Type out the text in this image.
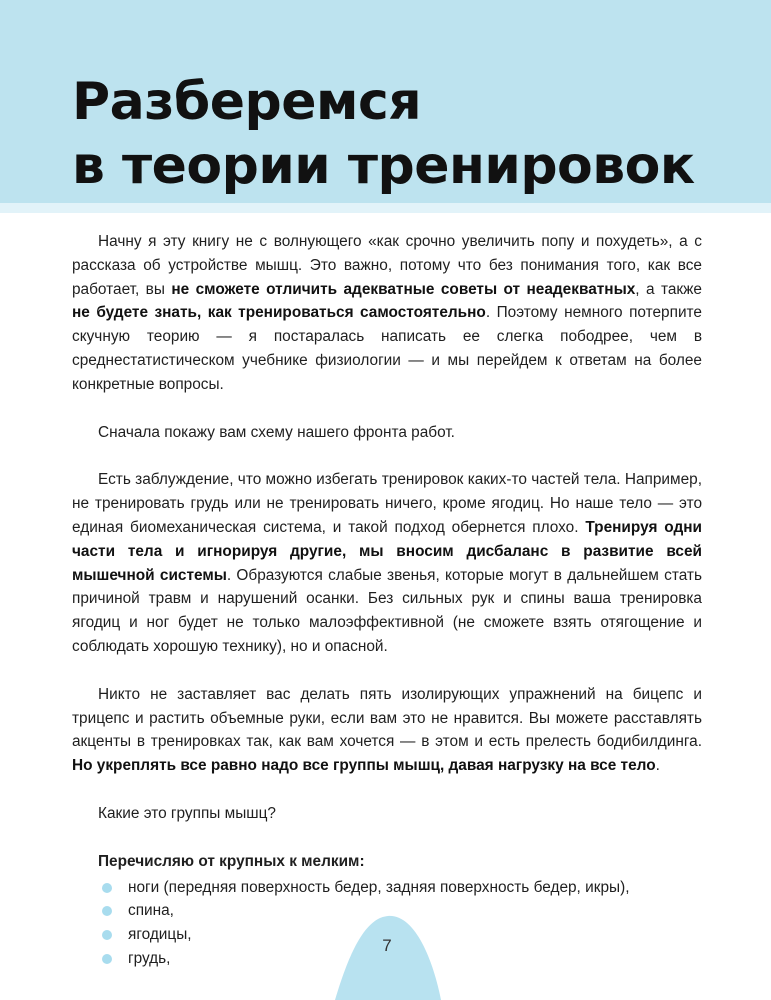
Разберемся
в теории тренировок

Начну я эту книгу не с волнующего «как срочно увеличить попу и похудеть», а с рассказа об устройстве мышц. Это важно, потому что без понимания того, как все работает, вы не сможете отличить адекватные советы от неадекватных, а также не будете знать, как тренироваться самостоятельно. Поэтому немного потерпите скучную теорию — я постаралась написать ее слегка пободрее, чем в среднестатистическом учебнике физиологии — и мы перейдем к ответам на более конкретные вопросы.

Сначала покажу вам схему нашего фронта работ.

Есть заблуждение, что можно избегать тренировок каких-то частей тела. Например, не тренировать грудь или не тренировать ничего, кроме ягодиц. Но наше тело — это единая биомеханическая система, и такой подход обернется плохо. Тренируя одни части тела и игнорируя другие, мы вносим дисбаланс в развитие всей мышечной системы. Образуются слабые звенья, которые могут в дальнейшем стать причиной травм и нарушений осанки. Без сильных рук и спины ваша тренировка ягодиц и ног будет не только малоэффективной (не сможете взять отягощение и соблюдать хорошую технику), но и опасной.

Никто не заставляет вас делать пять изолирующих упражнений на бицепс и трицепс и растить объемные руки, если вам это не нравится. Вы можете расставлять акценты в тренировках так, как вам хочется — в этом и есть прелесть бодибилдинга. Но укреплять все равно надо все группы мышц, давая нагрузку на все тело.

Какие это группы мышц?

Перечисляю от крупных к мелким:
ноги (передняя поверхность бедер, задняя поверхность бедер, икры),
спина,
ягодицы,
грудь,
7
